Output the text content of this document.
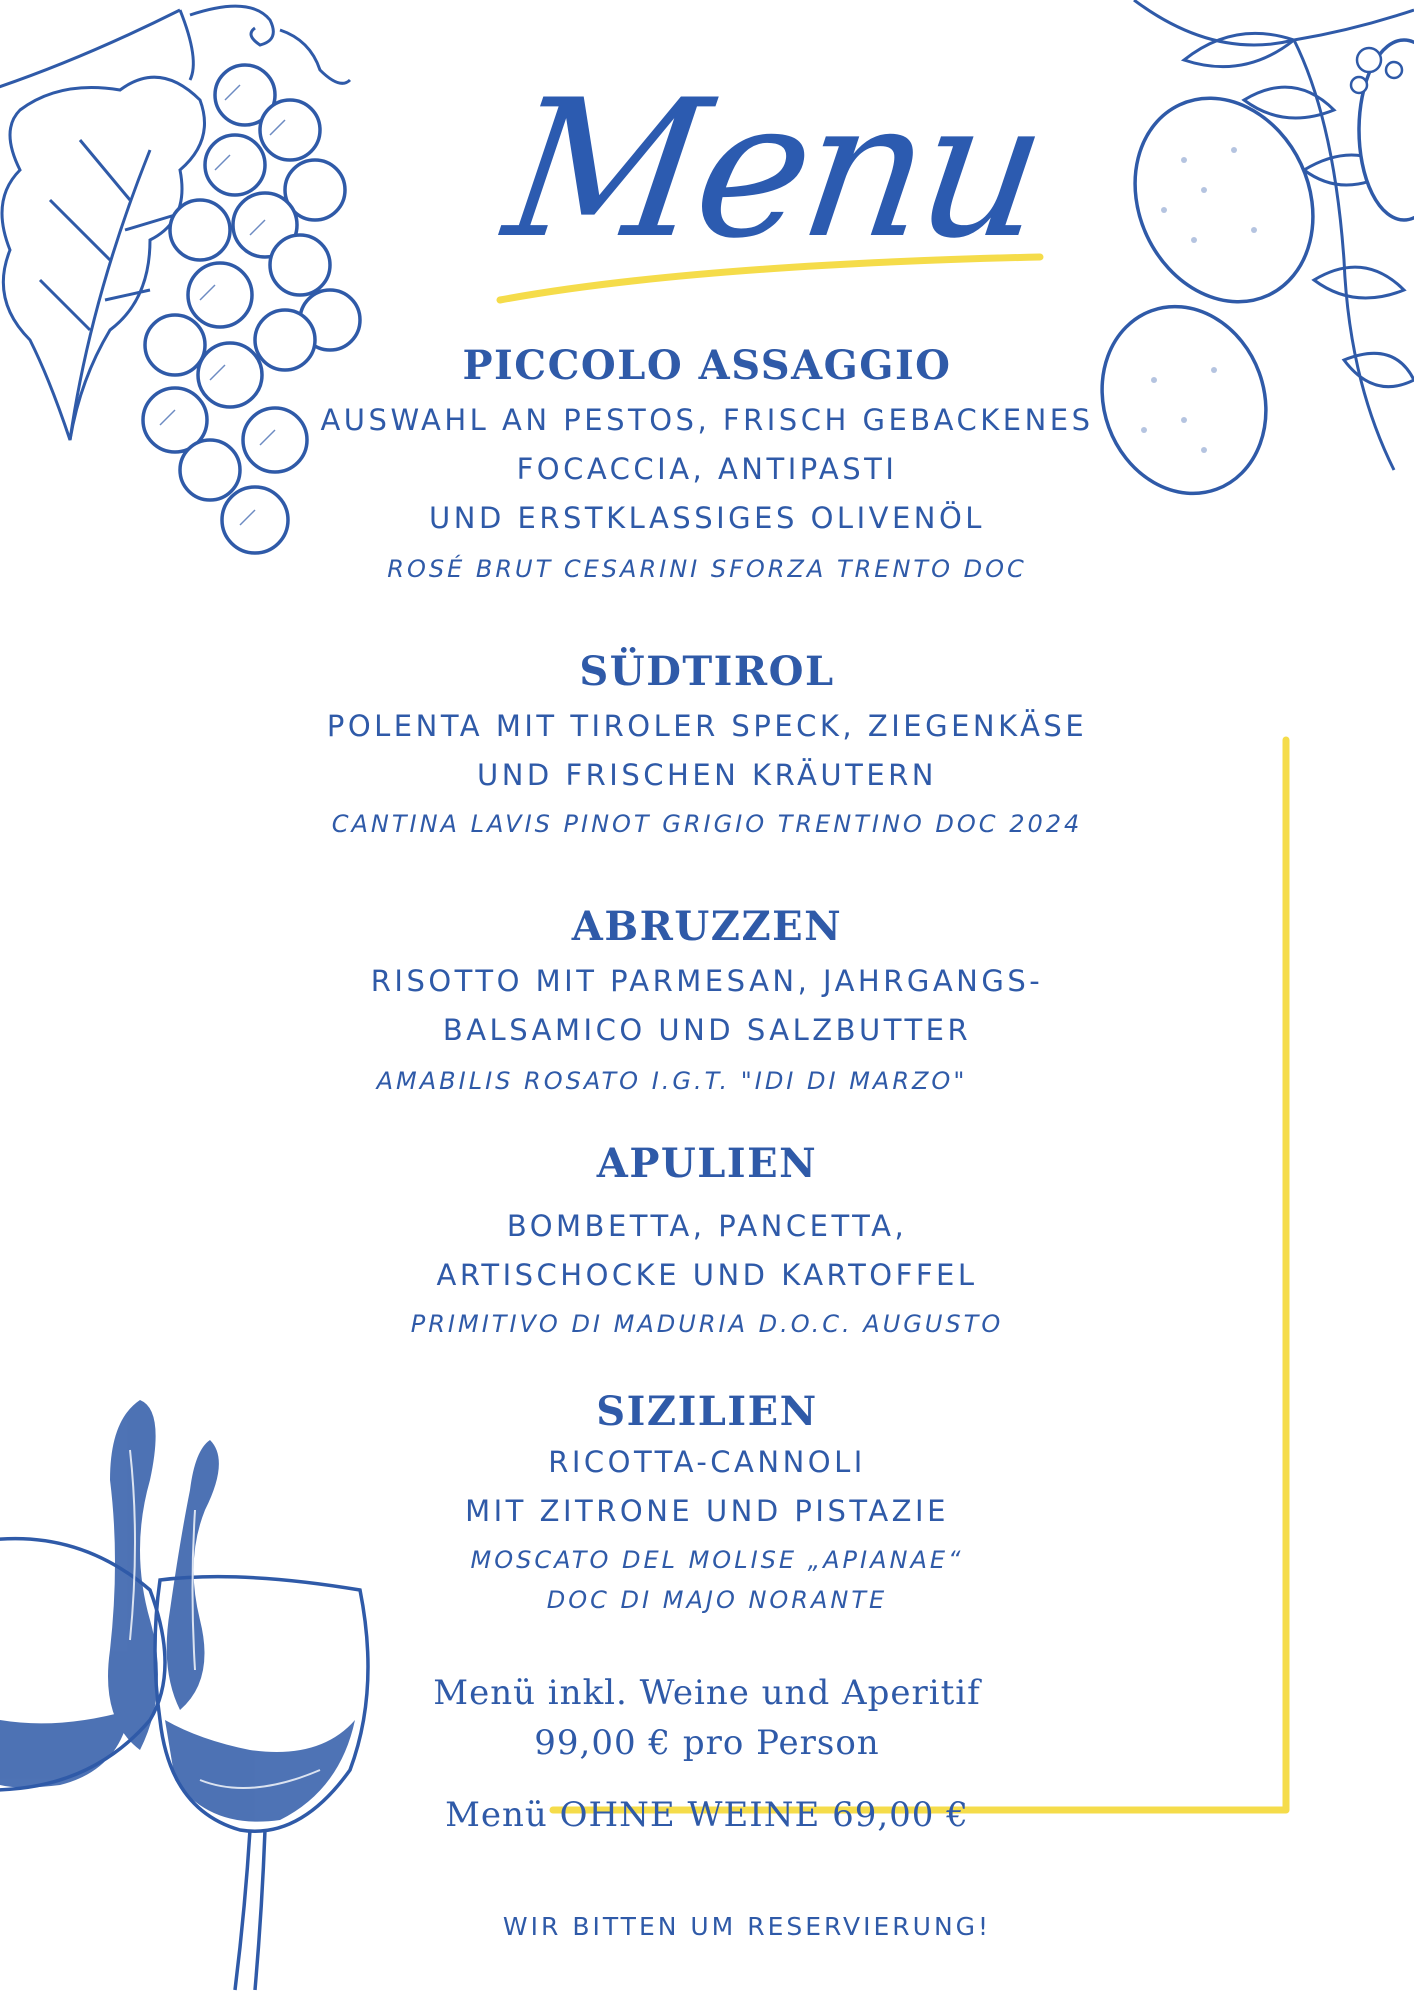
Menu
PICCOLO ASSAGGIO

AUSWAHL AN PESTOS, FRISCH GEBACKENES

FOCACCIA, ANTIPASTI

UND ERSTKLASSIGES OLIVENÖL

ROSÉ BRUT CESARINI SFORZA TRENTO DOC

SÜDTIROL

POLENTA MIT TIROLER SPECK, ZIEGENKÄSE

UND FRISCHEN KRÄUTERN

CANTINA LAVIS PINOT GRIGIO TRENTINO DOC 2024

ABRUZZEN

RISOTTO MIT PARMESAN, JAHRGANGS-

BALSAMICO UND SALZBUTTER

AMABILIS ROSATO I.G.T. "IDI DI MARZO"

APULIEN

BOMBETTA, PANCETTA,

ARTISCHOCKE UND KARTOFFEL

PRIMITIVO DI MADURIA D.O.C. AUGUSTO

SIZILIEN

RICOTTA-CANNOLI

MIT ZITRONE UND PISTAZIE

MOSCATO DEL MOLISE „APIANAE“

DOC DI MAJO NORANTE

Menü inkl. Weine und Aperitif

99,00 € pro Person

Menü OHNE WEINE 69,00 €

WIR BITTEN UM RESERVIERUNG!
